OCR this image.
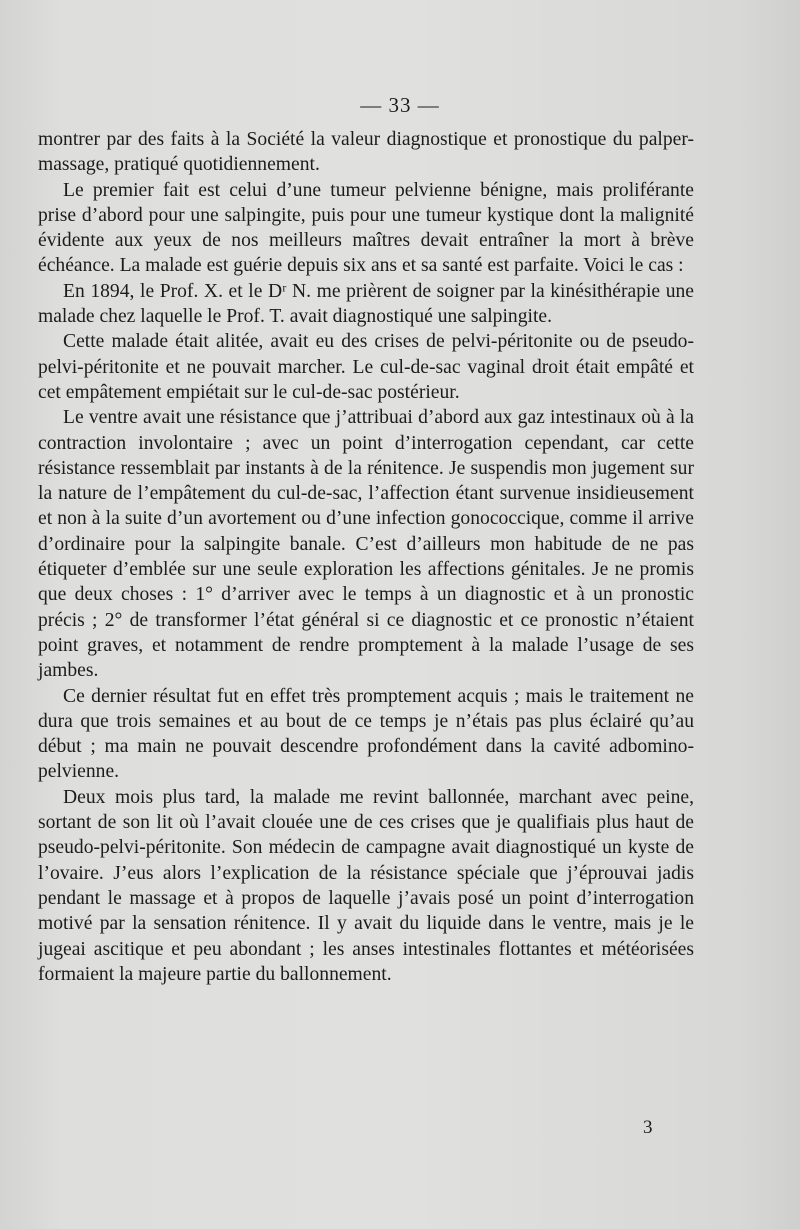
— 33 —

montrer par des faits à la Société la valeur diagnostique et pronostique du palper-massage, pratiqué quotidiennement.

Le premier fait est celui d’une tumeur pelvienne bénigne, mais proliférante prise d’abord pour une salpingite, puis pour une tumeur kystique dont la malignité évidente aux yeux de nos meilleurs maîtres devait entraîner la mort à brève échéance. La malade est guérie depuis six ans et sa santé est parfaite. Voici le cas :

En 1894, le Prof. X. et le Dʳ N. me prièrent de soigner par la kinésithérapie une malade chez laquelle le Prof. T. avait diagnostiqué une salpingite.

Cette malade était alitée, avait eu des crises de pelvi-péritonite ou de pseudo-pelvi-péritonite et ne pouvait marcher. Le cul-de-sac vaginal droit était empâté et cet empâtement empiétait sur le cul-de-sac postérieur.

Le ventre avait une résistance que j’attribuai d’abord aux gaz intestinaux où à la contraction involontaire ; avec un point d’interrogation cependant, car cette résistance ressemblait par instants à de la rénitence. Je suspendis mon jugement sur la nature de l’empâtement du cul-de-sac, l’affection étant survenue insidieusement et non à la suite d’un avortement ou d’une infection gonococcique, comme il arrive d’ordinaire pour la salpingite banale. C’est d’ailleurs mon habitude de ne pas étiqueter d’emblée sur une seule exploration les affections génitales. Je ne promis que deux choses : 1° d’arriver avec le temps à un diagnostic et à un pronostic précis ; 2° de transformer l’état général si ce diagnostic et ce pronostic n’étaient point graves, et notamment de rendre promptement à la malade l’usage de ses jambes.

Ce dernier résultat fut en effet très promptement acquis ; mais le traitement ne dura que trois semaines et au bout de ce temps je n’étais pas plus éclairé qu’au début ; ma main ne pouvait descendre profondément dans la cavité adbomino-pelvienne.

Deux mois plus tard, la malade me revint ballonnée, marchant avec peine, sortant de son lit où l’avait clouée une de ces crises que je qualifiais plus haut de pseudo-pelvi-péritonite. Son médecin de campagne avait diagnostiqué un kyste de l’ovaire. J’eus alors l’explication de la résistance spéciale que j’éprouvai jadis pendant le massage et à propos de laquelle j’avais posé un point d’interrogation motivé par la sensation rénitence. Il y avait du liquide dans le ventre, mais je le jugeai ascitique et peu abondant ; les anses intestinales flottantes et météorisées formaient la majeure partie du ballonnement.

3
